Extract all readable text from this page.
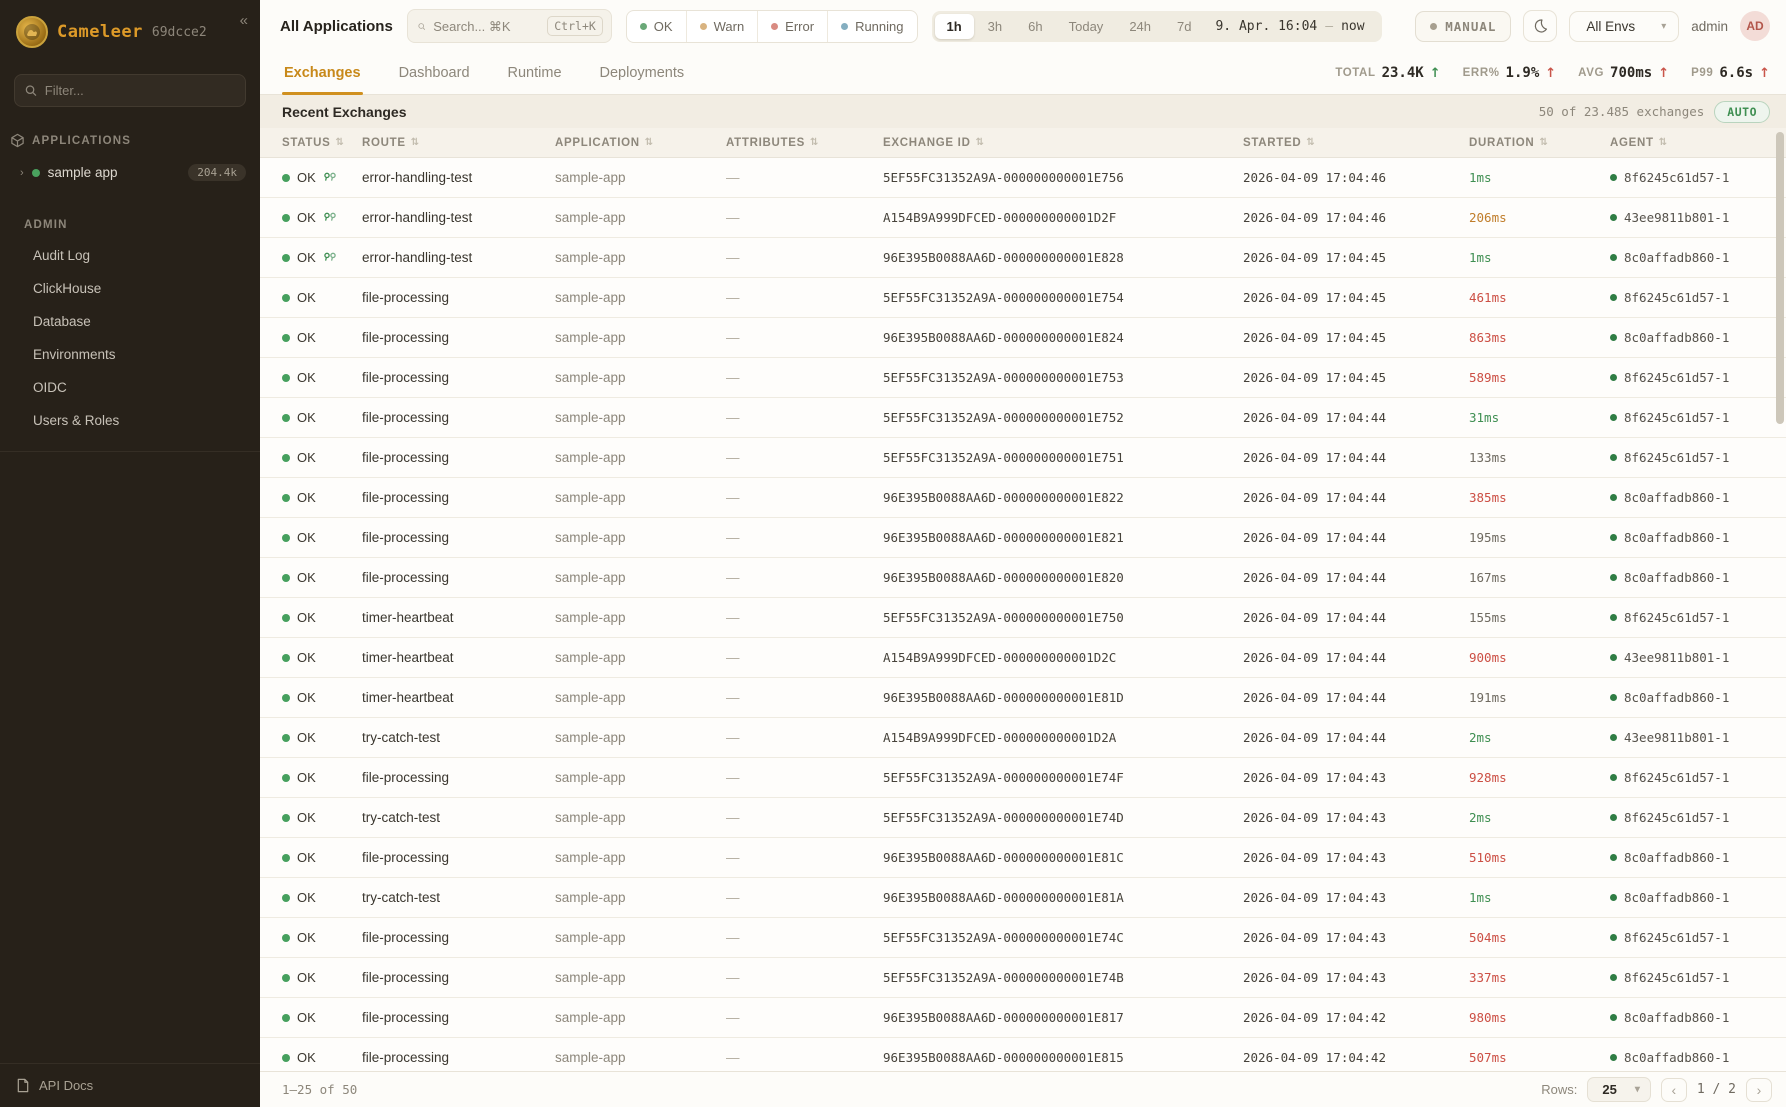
Cameleer 69dcce2
«
Filter...
APPLICATIONS
› sample app	204.4k
ADMIN
Audit Log
ClickHouse
Database
Environments
OIDC
Users & Roles
API Docs
All Applications
Search... ⌘K	Ctrl+K	OK	Warn	Error	Running	1h	3h	6h	Today	24h	7d	9. Apr. 16:04 — now	MANUAL	All Envs	▾ admin AD
Exchanges	Dashboard	Runtime	Deployments	TOTAL 23.4K ↑ ERR% 1.9% ↑ AVG 700ms ↑ P99 6.6s ↑
Recent Exchanges	50 of 23.485 exchanges	AUTO
STATUS ⇅ ROUTE ⇅	APPLICATION ⇅	ATTRIBUTES ⇅	EXCHANGE ID ⇅	STARTED ⇅	DURATION ⇅	AGENT ⇅
OK	error-handling-test	sample-app	—	5EF55FC31352A9A-000000000001E756	2026-04-09 17:04:46	1ms	8f6245c61d57-1
OK	error-handling-test	sample-app	—	A154B9A999DFCED-000000000001D2F	2026-04-09 17:04:46	206ms	43ee9811b801-1
OK	error-handling-test	sample-app	—	96E395B0088AA6D-000000000001E828	2026-04-09 17:04:45	1ms	8c0affadb860-1
OK	file-processing	sample-app	—	5EF55FC31352A9A-000000000001E754	2026-04-09 17:04:45	461ms	8f6245c61d57-1
OK	file-processing	sample-app	—	96E395B0088AA6D-000000000001E824	2026-04-09 17:04:45	863ms	8c0affadb860-1
OK	file-processing	sample-app	—	5EF55FC31352A9A-000000000001E753	2026-04-09 17:04:45	589ms	8f6245c61d57-1
OK	file-processing	sample-app	—	5EF55FC31352A9A-000000000001E752	2026-04-09 17:04:44	31ms	8f6245c61d57-1
OK	file-processing	sample-app	—	5EF55FC31352A9A-000000000001E751	2026-04-09 17:04:44	133ms	8f6245c61d57-1
OK	file-processing	sample-app	—	96E395B0088AA6D-000000000001E822	2026-04-09 17:04:44	385ms	8c0affadb860-1
OK	file-processing	sample-app	—	96E395B0088AA6D-000000000001E821	2026-04-09 17:04:44	195ms	8c0affadb860-1
OK	file-processing	sample-app	—	96E395B0088AA6D-000000000001E820	2026-04-09 17:04:44	167ms	8c0affadb860-1
OK	timer-heartbeat	sample-app	—	5EF55FC31352A9A-000000000001E750	2026-04-09 17:04:44	155ms	8f6245c61d57-1
OK	timer-heartbeat	sample-app	—	A154B9A999DFCED-000000000001D2C	2026-04-09 17:04:44	900ms	43ee9811b801-1
OK	timer-heartbeat	sample-app	—	96E395B0088AA6D-000000000001E81D	2026-04-09 17:04:44	191ms	8c0affadb860-1
OK	try-catch-test	sample-app	—	A154B9A999DFCED-000000000001D2A	2026-04-09 17:04:44	2ms	43ee9811b801-1
OK	file-processing	sample-app	—	5EF55FC31352A9A-000000000001E74F	2026-04-09 17:04:43	928ms	8f6245c61d57-1
OK	try-catch-test	sample-app	—	5EF55FC31352A9A-000000000001E74D	2026-04-09 17:04:43	2ms	8f6245c61d57-1
OK	file-processing	sample-app	—	96E395B0088AA6D-000000000001E81C	2026-04-09 17:04:43	510ms	8c0affadb860-1
OK	try-catch-test	sample-app	—	96E395B0088AA6D-000000000001E81A	2026-04-09 17:04:43	1ms	8c0affadb860-1
OK	file-processing	sample-app	—	5EF55FC31352A9A-000000000001E74C	2026-04-09 17:04:43	504ms	8f6245c61d57-1
OK	file-processing	sample-app	—	5EF55FC31352A9A-000000000001E74B	2026-04-09 17:04:43	337ms	8f6245c61d57-1
OK	file-processing	sample-app	—	96E395B0088AA6D-000000000001E817	2026-04-09 17:04:42	980ms	8c0affadb860-1
OK	file-processing	sample-app	—	96E395B0088AA6D-000000000001E815	2026-04-09 17:04:42	507ms	8c0affadb860-1
1–25 of 50	Rows: 25 ▾	‹	1 / 2	›
